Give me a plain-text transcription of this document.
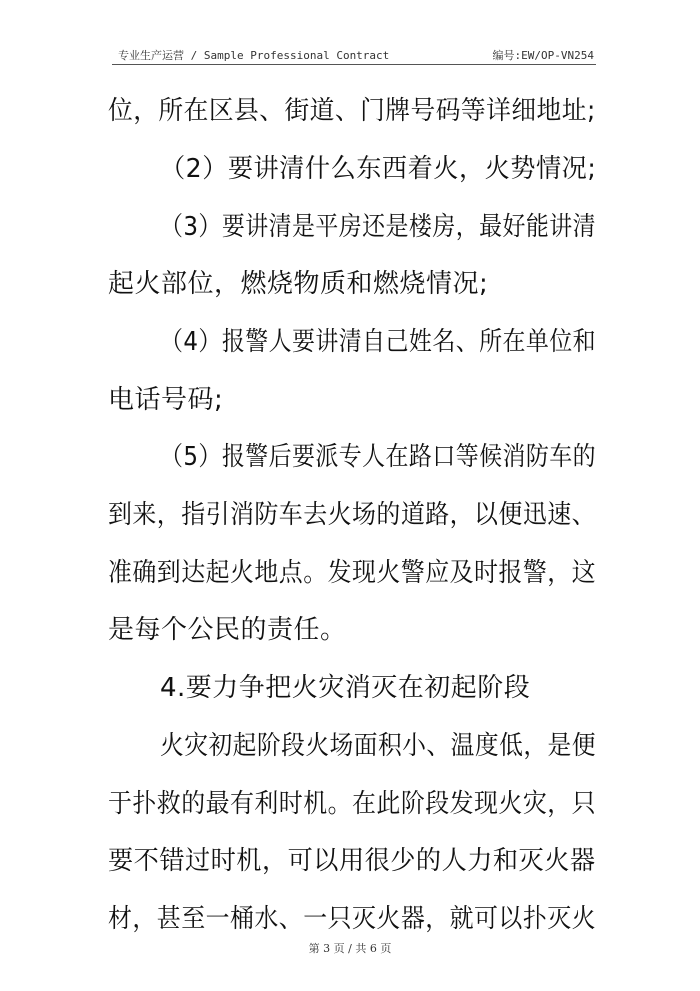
专业生产运营 / Sample Professional Contract	编号:EW/OP-VN254
位，所在区县、街道、门牌号码等详细地址;
（2）要讲清什么东西着火，火势情况;
（3）要讲清是平房还是楼房，最好能讲清
起火部位，燃烧物质和燃烧情况;
（4）报警人要讲清自己姓名、所在单位和
电话号码;
（5）报警后要派专人在路口等候消防车的
到来，指引消防车去火场的道路，以便迅速、
准确到达起火地点。发现火警应及时报警，这
是每个公民的责任。
4.要力争把火灾消灭在初起阶段
火灾初起阶段火场面积小、温度低，是便
于扑救的最有利时机。在此阶段发现火灾，只
要不错过时机，可以用很少的人力和灭火器
材，甚至一桶水、一只灭火器，就可以扑灭火
第 3 页 / 共 6 页
